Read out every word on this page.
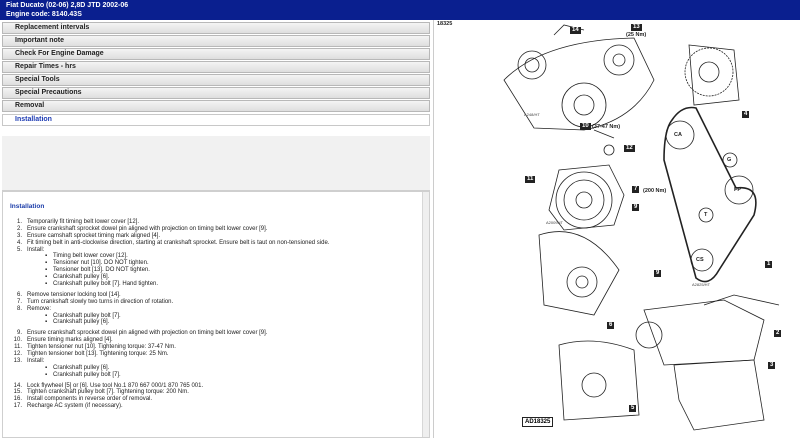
Fiat Ducato (02-06) 2,8D JTD 2002-06
Engine code: 8140.43S
Replacement intervals
Important note
Check For Engine Damage
Repair Times - hrs
Special Tools
Special Precautions
Removal
Installation
Installation
1. Temporarily fit timing belt lower cover [12].
2. Ensure crankshaft sprocket dowel pin aligned with projection on timing belt lower cover [9].
3. Ensure camshaft sprocket timing mark aligned [4].
4. Fit timing belt in anti-clockwise direction, starting at crankshaft sprocket. Ensure belt is taut on non-tensioned side.
5. Install:
▪ Timing belt lower cover [12].
▪ Tensioner nut [10]. DO NOT tighten.
▪ Tensioner bolt [13]. DO NOT tighten.
▪ Crankshaft pulley [6].
▪ Crankshaft pulley bolt [7]. Hand tighten.
6. Remove tensioner locking tool [14].
7. Turn crankshaft slowly two turns in direction of rotation.
8. Remove:
▪ Crankshaft pulley bolt [7].
▪ Crankshaft pulley [6].
9. Ensure crankshaft sprocket dowel pin aligned with projection on timing belt lower cover [9].
10. Ensure timing marks aligned [4].
11. Tighten tensioner nut [10]. Tightening torque: 37-47 Nm.
12. Tighten tensioner bolt [13]. Tightening torque: 25 Nm.
13. Install:
▪ Crankshaft pulley [6].
▪ Crankshaft pulley bolt [7].
14. Lock flywheel [5] or [6]. Use tool No.1 870 667 000/1 870 765 001.
15. Tighten crankshaft pulley bolt [7]. Tightening torque: 200 Nm.
16. Install components in reverse order of removal.
17. Recharge AC system (if necessary).
18325
14	13
(25 Nm)
4
10 (37-47 Nm)
12
11
7	(200 Nm)
9
9
6
5
1
2
3
CA
G
FP
T
CS
A248/HT
A2009HT
A2825/HT
AD18325
